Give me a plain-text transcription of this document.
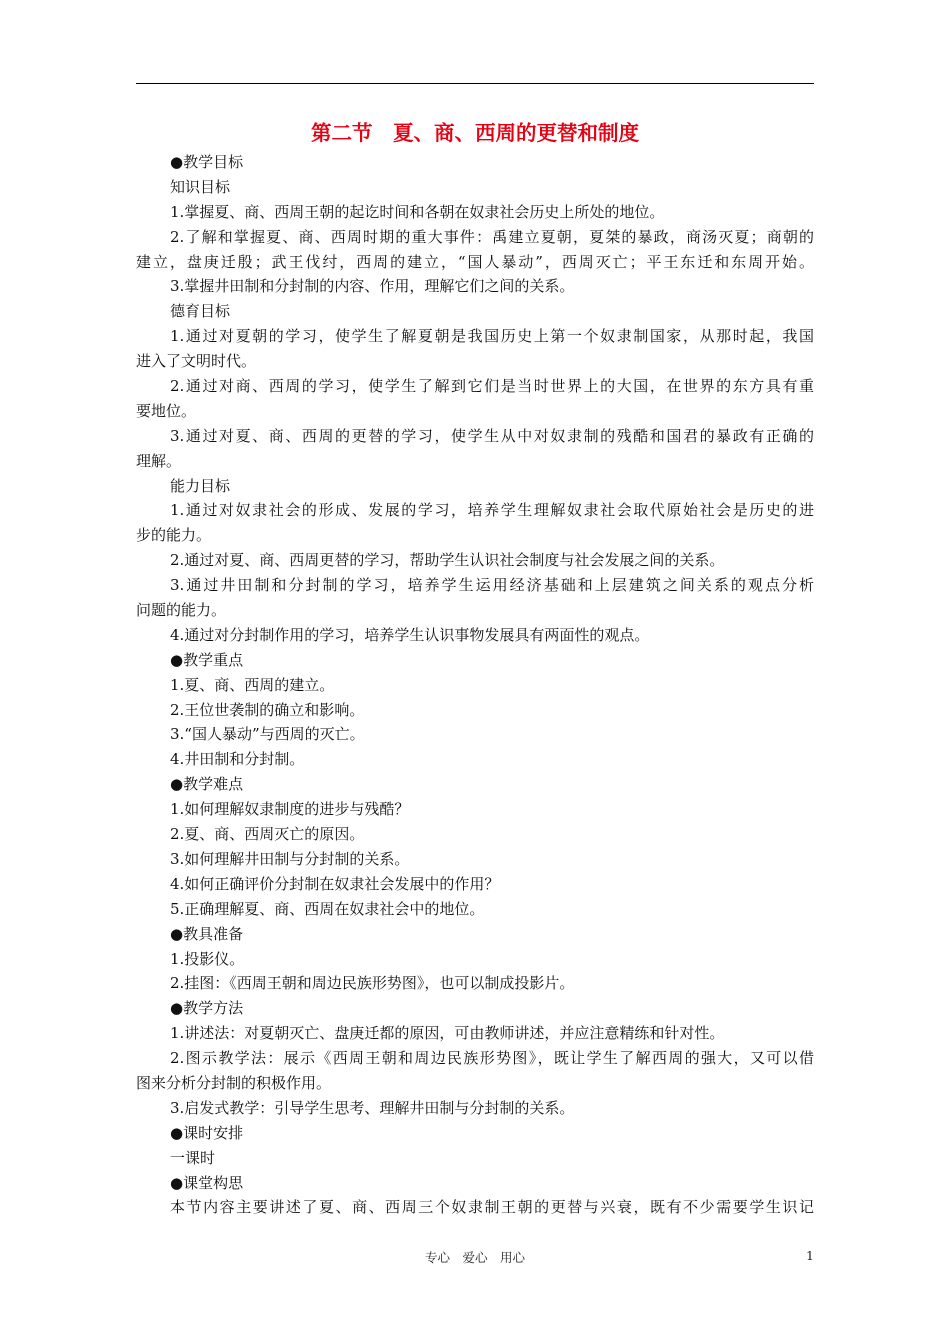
第二节　夏、商、西周的更替和制度
●教学目标
知识目标
1.掌握夏、商、西周王朝的起讫时间和各朝在奴隶社会历史上所处的地位。
2.了解和掌握夏、商、西周时期的重大事件：禹建立夏朝，夏桀的暴政，商汤灭夏；商朝的
建立，盘庚迁殷；武王伐纣，西周的建立，“国人暴动”，西周灭亡；平王东迁和东周开始。
3.掌握井田制和分封制的内容、作用，理解它们之间的关系。
德育目标
1.通过对夏朝的学习，使学生了解夏朝是我国历史上第一个奴隶制国家，从那时起，我国
进入了文明时代。
2.通过对商、西周的学习，使学生了解到它们是当时世界上的大国，在世界的东方具有重
要地位。
3.通过对夏、商、西周的更替的学习，使学生从中对奴隶制的残酷和国君的暴政有正确的
理解。
能力目标
1.通过对奴隶社会的形成、发展的学习，培养学生理解奴隶社会取代原始社会是历史的进
步的能力。
2.通过对夏、商、西周更替的学习，帮助学生认识社会制度与社会发展之间的关系。
3.通过井田制和分封制的学习，培养学生运用经济基础和上层建筑之间关系的观点分析
问题的能力。
4.通过对分封制作用的学习，培养学生认识事物发展具有两面性的观点。
●教学重点
1.夏、商、西周的建立。
2.王位世袭制的确立和影响。
3.“国人暴动”与西周的灭亡。
4.井田制和分封制。
●教学难点
1.如何理解奴隶制度的进步与残酷？
2.夏、商、西周灭亡的原因。
3.如何理解井田制与分封制的关系。
4.如何正确评价分封制在奴隶社会发展中的作用？
5.正确理解夏、商、西周在奴隶社会中的地位。
●教具准备
1.投影仪。
2.挂图：《西周王朝和周边民族形势图》，也可以制成投影片。
●教学方法
1.讲述法：对夏朝灭亡、盘庚迁都的原因，可由教师讲述，并应注意精练和针对性。
2.图示教学法：展示《西周王朝和周边民族形势图》，既让学生了解西周的强大，又可以借
图来分析分封制的积极作用。
3.启发式教学：引导学生思考、理解井田制与分封制的关系。
●课时安排
一课时
●课堂构思
本节内容主要讲述了夏、商、西周三个奴隶制王朝的更替与兴衰，既有不少需要学生识记
专心　爱心　用心	1
